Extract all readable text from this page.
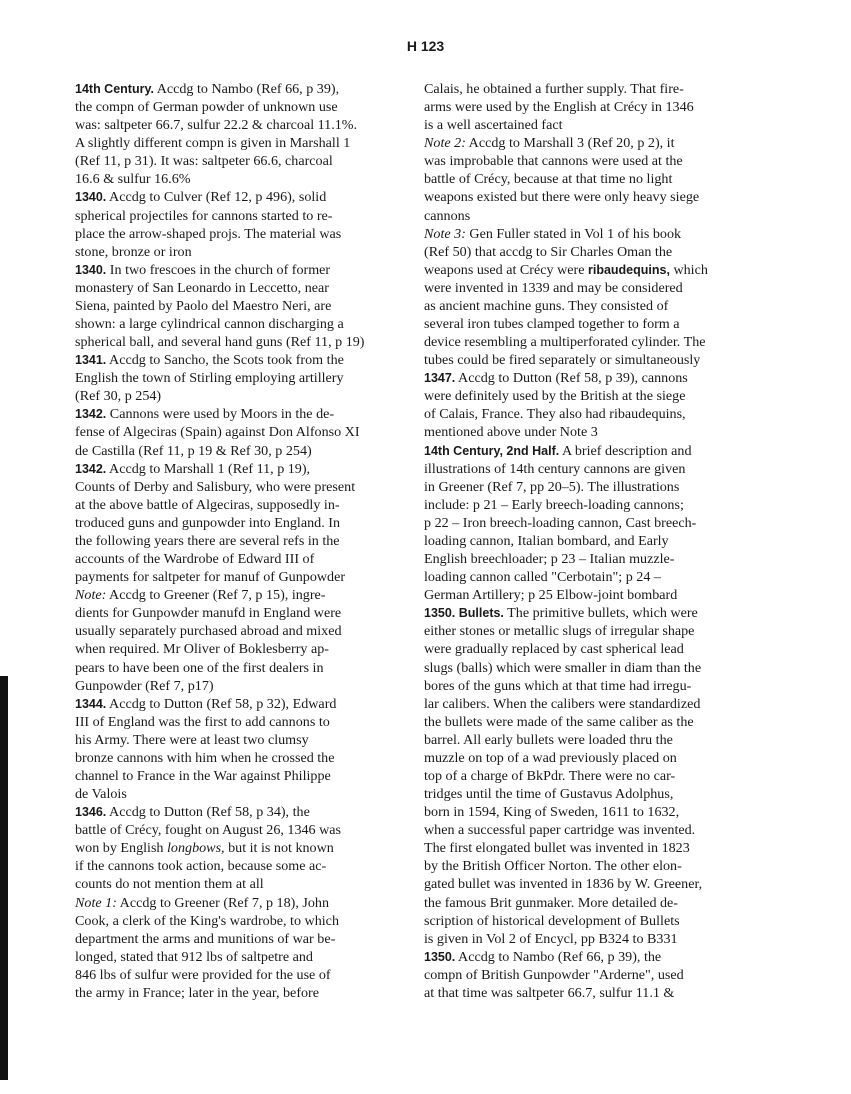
H 123
14th Century. Accdg to Nambo (Ref 66, p 39),
the compn of German powder of unknown use
was: saltpeter 66.7, sulfur 22.2 & charcoal 11.1%.
A slightly different compn is given in Marshall 1
(Ref 11, p 31). It was: saltpeter 66.6, charcoal
16.6 & sulfur 16.6%
1340. Accdg to Culver (Ref 12, p 496), solid
spherical projectiles for cannons started to re-
place the arrow-shaped projs. The material was
stone, bronze or iron
1340. In two frescoes in the church of former
monastery of San Leonardo in Leccetto, near
Siena, painted by Paolo del Maestro Neri, are
shown: a large cylindrical cannon discharging a
spherical ball, and several hand guns (Ref 11, p 19)
1341. Accdg to Sancho, the Scots took from the
English the town of Stirling employing artillery
(Ref 30, p 254)
1342. Cannons were used by Moors in the de-
fense of Algeciras (Spain) against Don Alfonso XI
de Castilla (Ref 11, p 19 & Ref 30, p 254)
1342. Accdg to Marshall 1 (Ref 11, p 19),
Counts of Derby and Salisbury, who were present
at the above battle of Algeciras, supposedly in-
troduced guns and gunpowder into England. In
the following years there are several refs in the
accounts of the Wardrobe of Edward III of
payments for saltpeter for manuf of Gunpowder
Note: Accdg to Greener (Ref 7, p 15), ingre-
dients for Gunpowder manufd in England were
usually separately purchased abroad and mixed
when required. Mr Oliver of Boklesberry ap-
pears to have been one of the first dealers in
Gunpowder (Ref 7, p17)
1344. Accdg to Dutton (Ref 58, p 32), Edward
III of England was the first to add cannons to
his Army. There were at least two clumsy
bronze cannons with him when he crossed the
channel to France in the War against Philippe
de Valois
1346. Accdg to Dutton (Ref 58, p 34), the
battle of Crécy, fought on August 26, 1346 was
won by English longbows, but it is not known
if the cannons took action, because some ac-
counts do not mention them at all
Note 1: Accdg to Greener (Ref 7, p 18), John
Cook, a clerk of the King's wardrobe, to which
department the arms and munitions of war be-
longed, stated that 912 lbs of saltpetre and
846 lbs of sulfur were provided for the use of
the army in France; later in the year, before
Calais, he obtained a further supply. That fire-
arms were used by the English at Crécy in 1346
is a well ascertained fact
Note 2: Accdg to Marshall 3 (Ref 20, p 2), it
was improbable that cannons were used at the
battle of Crécy, because at that time no light
weapons existed but there were only heavy siege
cannons
Note 3: Gen Fuller stated in Vol 1 of his book
(Ref 50) that accdg to Sir Charles Oman the
weapons used at Crécy were ribaudequins, which
were invented in 1339 and may be considered
as ancient machine guns. They consisted of
several iron tubes clamped together to form a
device resembling a multiperforated cylinder. The
tubes could be fired separately or simultaneously
1347. Accdg to Dutton (Ref 58, p 39), cannons
were definitely used by the British at the siege
of Calais, France. They also had ribaudequins,
mentioned above under Note 3
14th Century, 2nd Half. A brief description and
illustrations of 14th century cannons are given
in Greener (Ref 7, pp 20–5). The illustrations
include: p 21 – Early breech-loading cannons;
p 22 – Iron breech-loading cannon, Cast breech-
loading cannon, Italian bombard, and Early
English breechloader; p 23 – Italian muzzle-
loading cannon called "Cerbotain"; p 24 –
German Artillery; p 25 Elbow-joint bombard
1350. Bullets. The primitive bullets, which were
either stones or metallic slugs of irregular shape
were gradually replaced by cast spherical lead
slugs (balls) which were smaller in diam than the
bores of the guns which at that time had irregu-
lar calibers. When the calibers were standardized
the bullets were made of the same caliber as the
barrel. All early bullets were loaded thru the
muzzle on top of a wad previously placed on
top of a charge of BkPdr. There were no car-
tridges until the time of Gustavus Adolphus,
born in 1594, King of Sweden, 1611 to 1632,
when a successful paper cartridge was invented.
The first elongated bullet was invented in 1823
by the British Officer Norton. The other elon-
gated bullet was invented in 1836 by W. Greener,
the famous Brit gunmaker. More detailed de-
scription of historical development of Bullets
is given in Vol 2 of Encycl, pp B324 to B331
1350. Accdg to Nambo (Ref 66, p 39), the
compn of British Gunpowder "Arderne", used
at that time was saltpeter 66.7, sulfur 11.1 &
